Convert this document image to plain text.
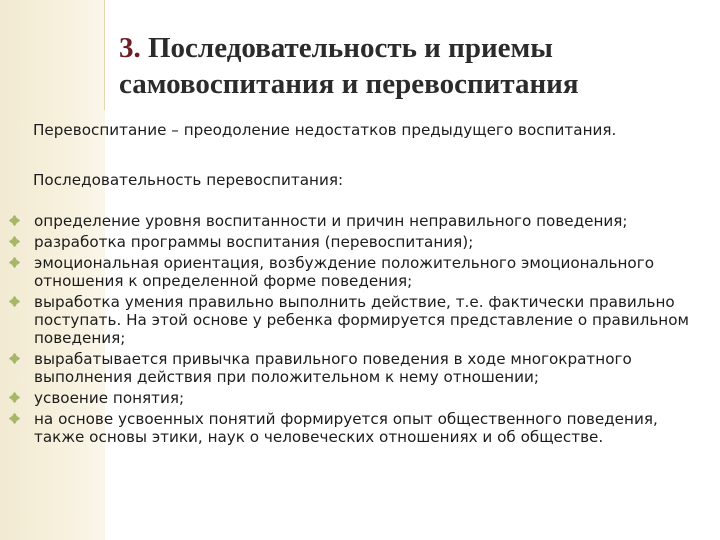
3. Последовательность и приемы
самовоспитания и перевоспитания

Перевоспитание – преодоление недостатков предыдущего воспитания.

Последовательность перевоспитания:

определение уровня воспитанности и причин неправильного поведения;
разработка программы воспитания (перевоспитания);
эмоциональная ориентация, возбуждение положительного эмоционального отношения к определенной форме поведения;
выработка умения правильно выполнить действие, т.е. фактически правильно поступать. На этой основе у ребенка формируется представление о правильном поведения;
вырабатывается привычка правильного поведения в ходе многократного выполнения действия при положительном к нему отношении;
усвоение понятия;
на основе усвоенных понятий формируется опыт общественного поведения, также основы этики, наук о человеческих отношениях и об обществе.
